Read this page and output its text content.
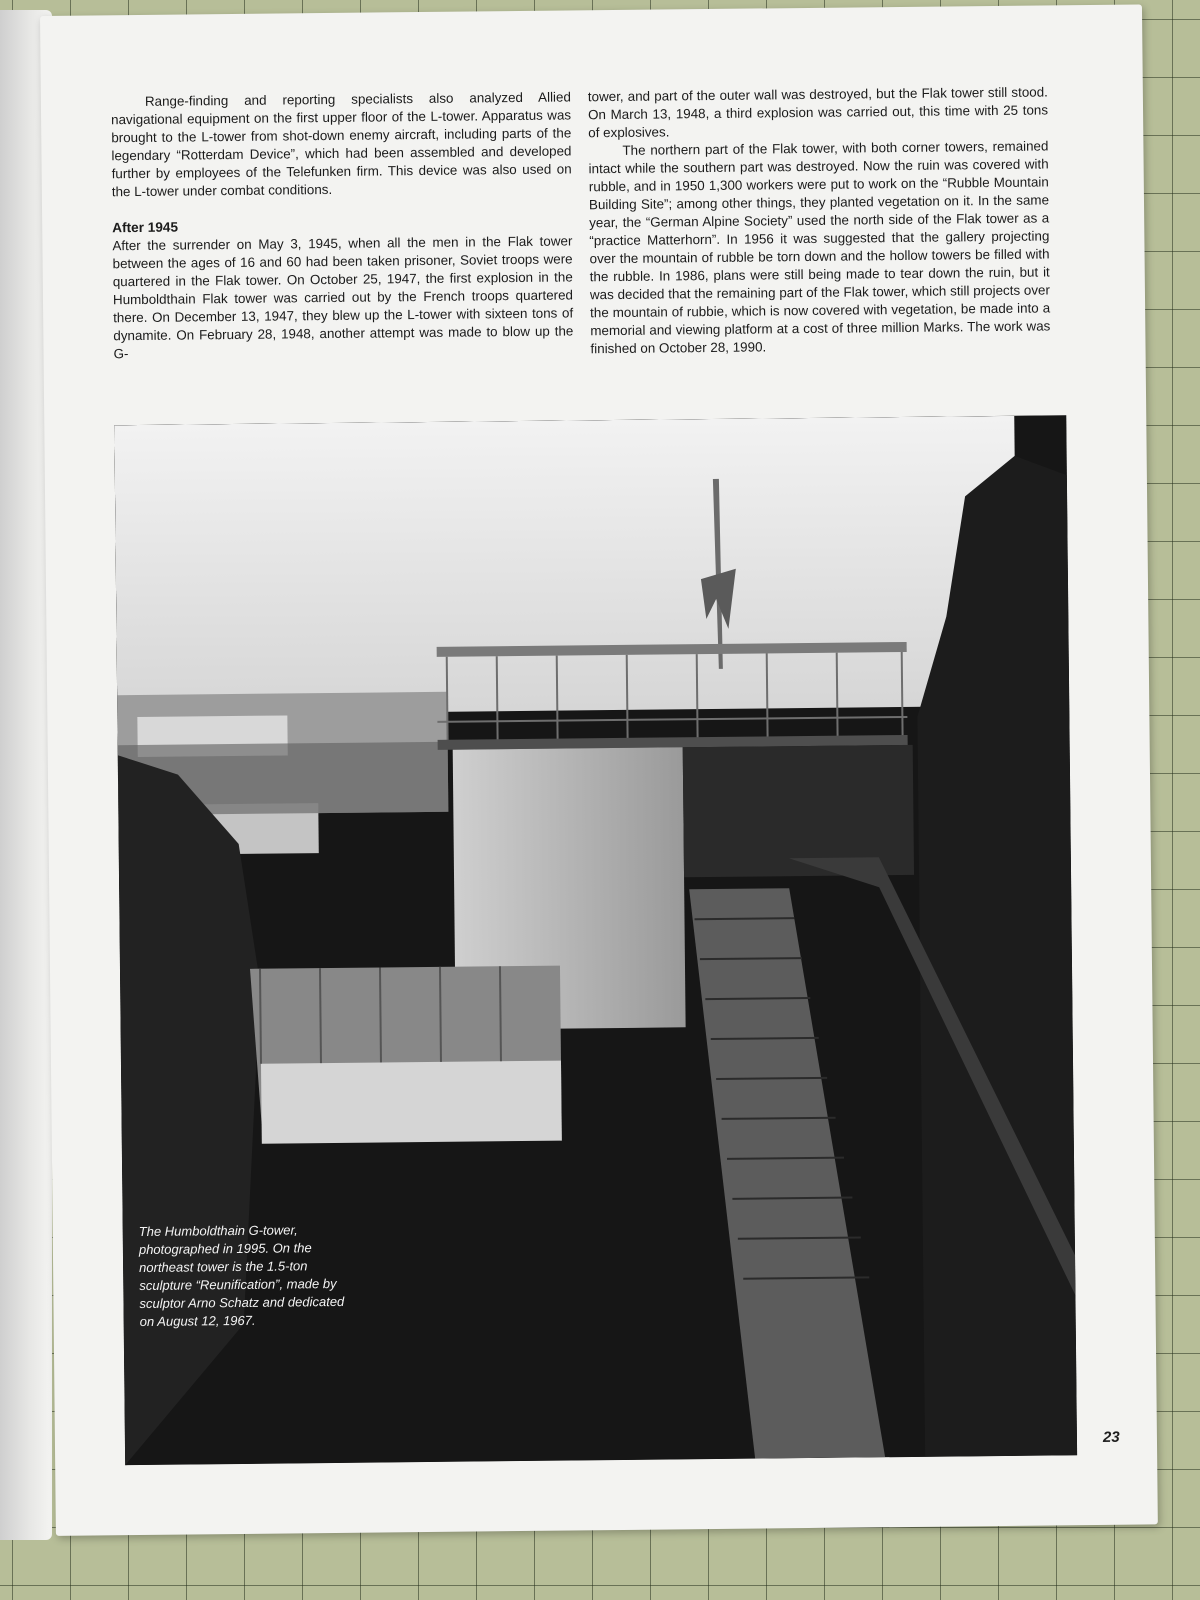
Range-finding and reporting specialists also analyzed Allied navigational equipment on the first upper floor of the L-tower. Apparatus was brought to the L-tower from shot-down enemy aircraft, including parts of the legendary “Rotterdam Device”, which had been assembled and developed further by employees of the Telefunken firm. This device was also used on the L-tower under combat conditions.

After 1945

After the surrender on May 3, 1945, when all the men in the Flak tower between the ages of 16 and 60 had been taken prisoner, Soviet troops were quartered in the Flak tower. On October 25, 1947, the first explosion in the Humboldthain Flak tower was carried out by the French troops quartered there. On December 13, 1947, they blew up the L-tower with sixteen tons of dynamite. On February 28, 1948, another attempt was made to blow up the G-

tower, and part of the outer wall was destroyed, but the Flak tower still stood. On March 13, 1948, a third explosion was carried out, this time with 25 tons of explosives.

The northern part of the Flak tower, with both corner towers, remained intact while the southern part was destroyed. Now the ruin was covered with rubble, and in 1950 1,300 workers were put to work on the “Rubble Mountain Building Site”; among other things, they planted vegetation on it. In the same year, the “German Alpine Society” used the north side of the Flak tower as a “practice Matterhorn”. In 1956 it was suggested that the gallery projecting over the mountain of rubble be torn down and the hollow towers be filled with the rubble. In 1986, plans were still being made to tear down the ruin, but it was decided that the remaining part of the Flak tower, which still projects over the mountain of rubbie, which is now covered with vegetation, be made into a memorial and viewing platform at a cost of three million Marks. The work was finished on October 28, 1990.

The Humboldthain G-tower, photographed in 1995. On the northeast tower is the 1.5-ton sculpture “Reunification”, made by sculptor Arno Schatz and dedicated on August 12, 1967.
23
